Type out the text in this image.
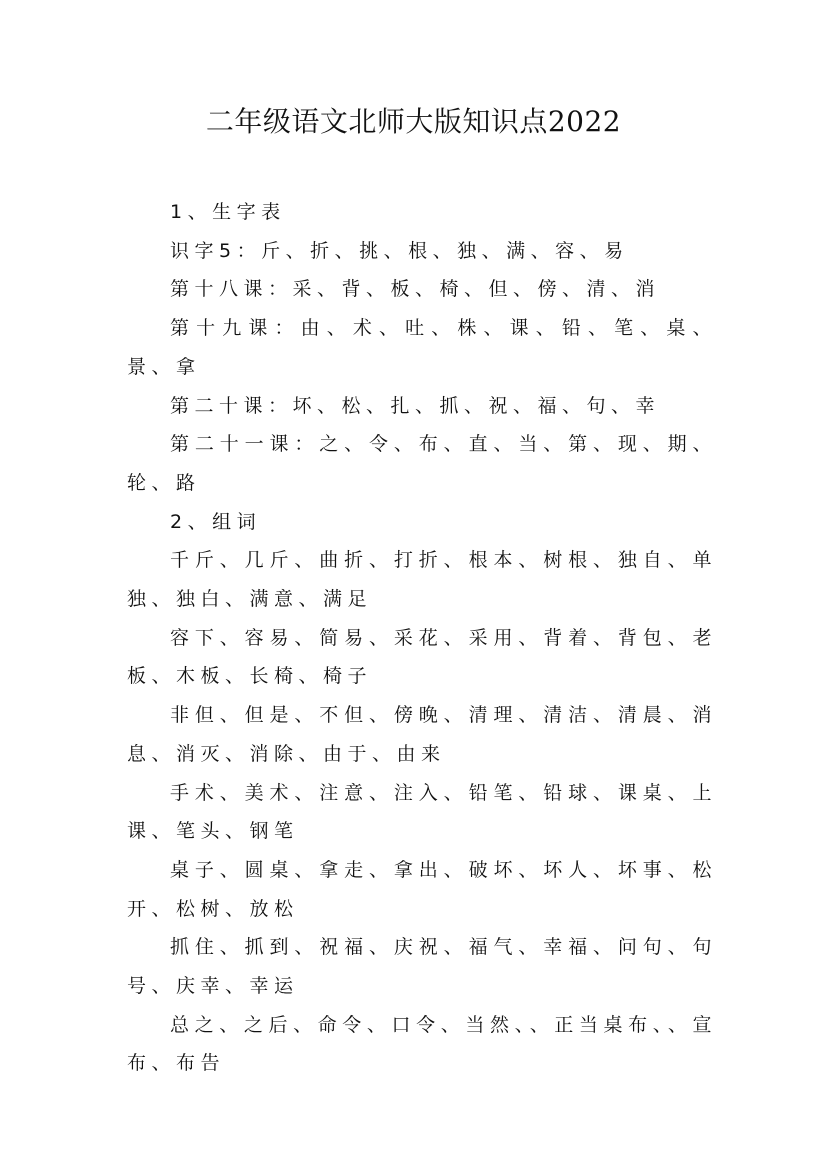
二年级语文北师大版知识点2022

1、生字表

识字5：斤、折、挑、根、独、满、容、易

第十八课：采、背、板、椅、但、傍、清、消

第十九课：由、术、吐、株、课、铅、笔、桌、景、拿

第二十课：坏、松、扎、抓、祝、福、句、幸

第二十一课：之、令、布、直、当、第、现、期、轮、路

2、组词

千斤、几斤、曲折、打折、根本、树根、独自、单独、独白、满意、满足

容下、容易、简易、采花、采用、背着、背包、老板、木板、长椅、椅子

非但、但是、不但、傍晚、清理、清洁、清晨、消息、消灭、消除、由于、由来

手术、美术、注意、注入、铅笔、铅球、课桌、上课、笔头、钢笔

桌子、圆桌、拿走、拿出、破坏、坏人、坏事、松开、松树、放松

抓住、抓到、祝福、庆祝、福气、幸福、问句、句号、庆幸、幸运

总之、之后、命令、口令、当然、、正当桌布、、宣布、布告
